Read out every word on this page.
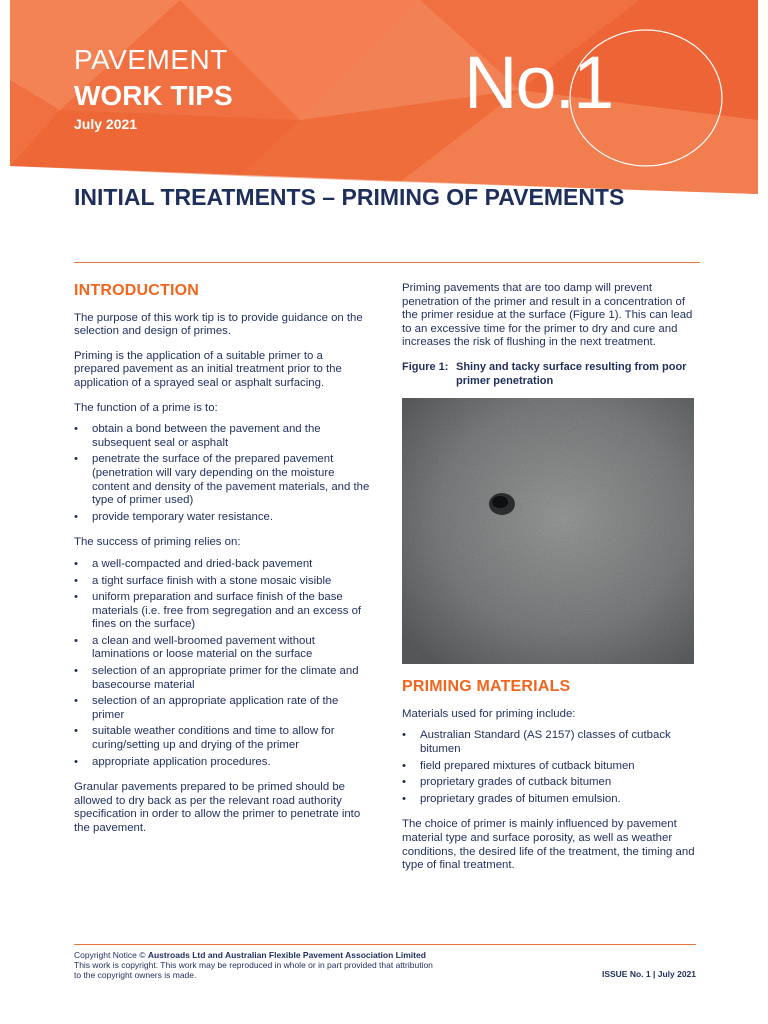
PAVEMENT
WORK TIPS
July 2021	No.1
INITIAL TREATMENTS – PRIMING OF PAVEMENTS
INTRODUCTION

The purpose of this work tip is to provide guidance on the selection and design of primes.

Priming is the application of a suitable primer to a prepared pavement as an initial treatment prior to the application of a sprayed seal or asphalt surfacing.

The function of a prime is to:

• obtain a bond between the pavement and the subsequent seal or asphalt
• penetrate the surface of the prepared pavement (penetration will vary depending on the moisture content and density of the pavement materials, and the type of primer used)
• provide temporary water resistance.

The success of priming relies on:

• a well-compacted and dried-back pavement
• a tight surface finish with a stone mosaic visible
• uniform preparation and surface finish of the base materials (i.e. free from segregation and an excess of fines on the surface)
• a clean and well-broomed pavement without laminations or loose material on the surface
• selection of an appropriate primer for the climate and basecourse material
• selection of an appropriate application rate of the primer
• suitable weather conditions and time to allow for curing/setting up and drying of the primer
• appropriate application procedures.

Granular pavements prepared to be primed should be allowed to dry back as per the relevant road authority specification in order to allow the primer to penetrate into the pavement.

Priming pavements that are too damp will prevent penetration of the primer and result in a concentration of the primer residue at the surface (Figure 1). This can lead to an excessive time for the primer to dry and cure and increases the risk of flushing in the next treatment.

Figure 1: Shiny and tacky surface resulting from poor primer penetration
PRIMING MATERIALS

Materials used for priming include:

• Australian Standard (AS 2157) classes of cutback bitumen
• field prepared mixtures of cutback bitumen
• proprietary grades of cutback bitumen
• proprietary grades of bitumen emulsion.

The choice of primer is mainly influenced by pavement material type and surface porosity, as well as weather conditions, the desired life of the treatment, the timing and type of final treatment.

Copyright Notice © Austroads Ltd and Australian Flexible Pavement Association Limited
This work is copyright. This work may be reproduced in whole or in part provided that attribution
to the copyright owners is made.	ISSUE No. 1 | July 2021
